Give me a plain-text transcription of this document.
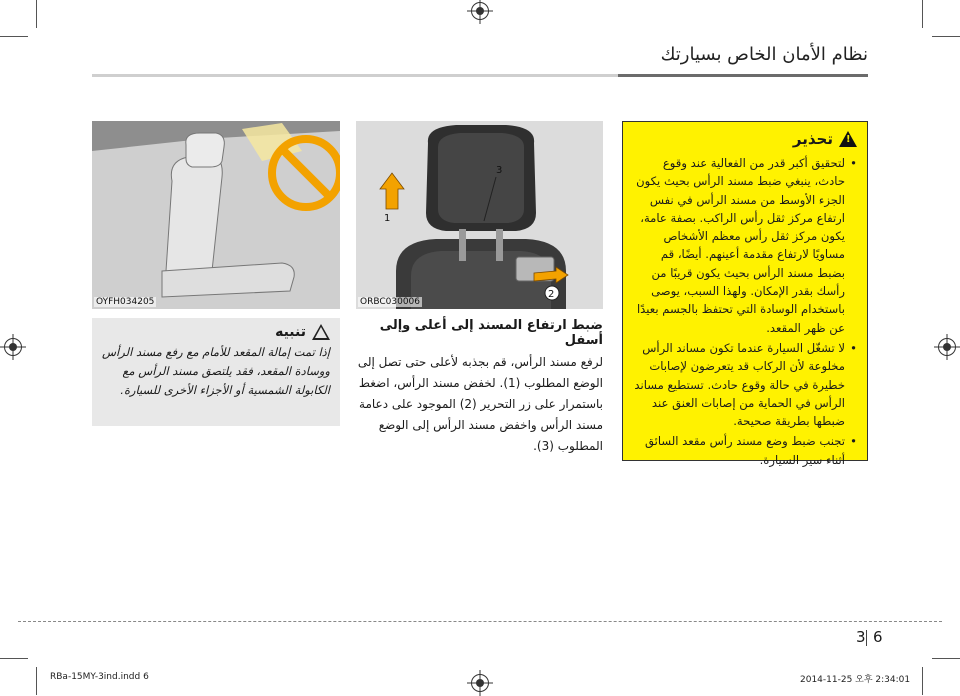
نظام الأمان الخاص بسيارتك
!
تحذير

• لتحقيق أكبر قدر من الفعالية عند وقوع حادث، ينبغي ضبط مسند الرأس بحيث يكون الجزء الأوسط من مسند الرأس في نفس ارتفاع مركز ثقل رأس الراكب. بصفة عامة، يكون مركز ثقل رأس معظم الأشخاص مساويًا لارتفاع مقدمة أعينهم. أيضًا، قم بضبط مسند الرأس بحيث يكون قريبًا من رأسك بقدر الإمكان. ولهذا السبب، يوصى باستخدام الوسادة التي تحتفظ بالجسم بعيدًا عن ظهر المقعد.

• لا تشغّل السيارة عندما تكون مساند الرأس مخلوعة لأن الركاب قد يتعرضون لإصابات خطيرة في حالة وقوع حادث. تستطيع مساند الرأس في الحماية من إصابات العنق عند ضبطها بطريقة صحيحة.

• تجنب ضبط وضع مسند رأس مقعد السائق أثناء سير السيارة.

3
1
2
ORBC030006
OYFH034205
ضبط ارتفاع المسند إلى أعلى وإلى أسفل
لرفع مسند الرأس، قم بجذبه لأعلى حتى تصل إلى الوضع المطلوب (1). لخفض مسند الرأس، اضغط باستمرار على زر التحرير (2) الموجود على دعامة مسند الرأس واخفض مسند الرأس إلى الوضع المطلوب (3).
تنبيه
إذا تمت إمالة المقعد للأمام مع رفع مسند الرأس ووسادة المقعد، فقد يلتصق مسند الرأس مع الكابولة الشمسية أو الأجزاء الأخرى للسيارة.
3 6
RBa-15MY-3ind.indd 6	2014-11-25 오후 2:34:01
